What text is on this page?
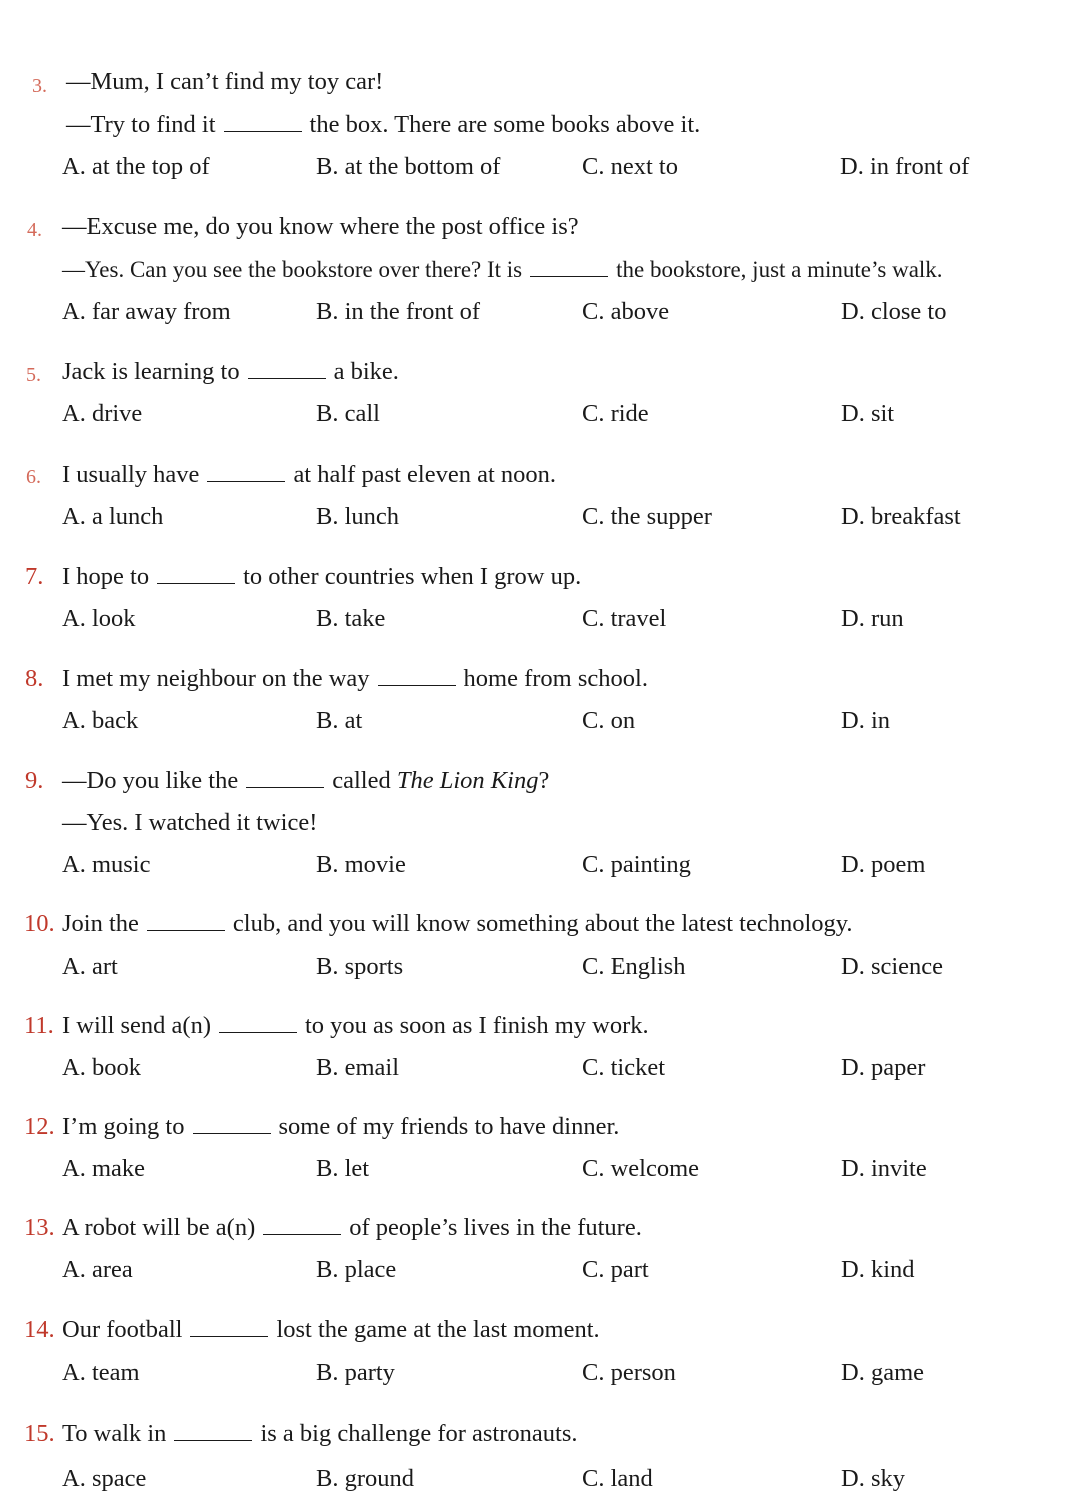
3. —Mum, I can’t find my toy car!
—Try to find it	the box. There are some books above it.
A. at the top of	B. at the bottom of	C. next to	D. in front of
4. —Excuse me, do you know where the post office is?
—Yes. Can you see the bookstore over there? It is	the bookstore, just a minute’s walk.
A. far away from	B. in the front of	C. above	D. close to
5. Jack is learning to	a bike.
A. drive	B. call	C. ride	D. sit
6. I usually have	at half past eleven at noon.
A. a lunch	B. lunch	C. the supper	D. breakfast
7. I hope to	to other countries when I grow up.
A. look	B. take	C. travel	D. run
8. I met my neighbour on the way	home from school.
A. back	B. at	C. on	D. in
9. —Do you like the	called The Lion King?
—Yes. I watched it twice!
A. music	B. movie	C. painting	D. poem
10. Join the	club, and you will know something about the latest technology.
A. art	B. sports	C. English	D. science
11. I will send a(n)	to you as soon as I finish my work.
A. book	B. email	C. ticket	D. paper
12. I’m going to	some of my friends to have dinner.
A. make	B. let	C. welcome	D. invite
13. A robot will be a(n)	of people’s lives in the future.
A. area	B. place	C. part	D. kind
14. Our football	lost the game at the last moment.
A. team	B. party	C. person	D. game
15. To walk in	is a big challenge for astronauts.
A. space	B. ground	C. land	D. sky
